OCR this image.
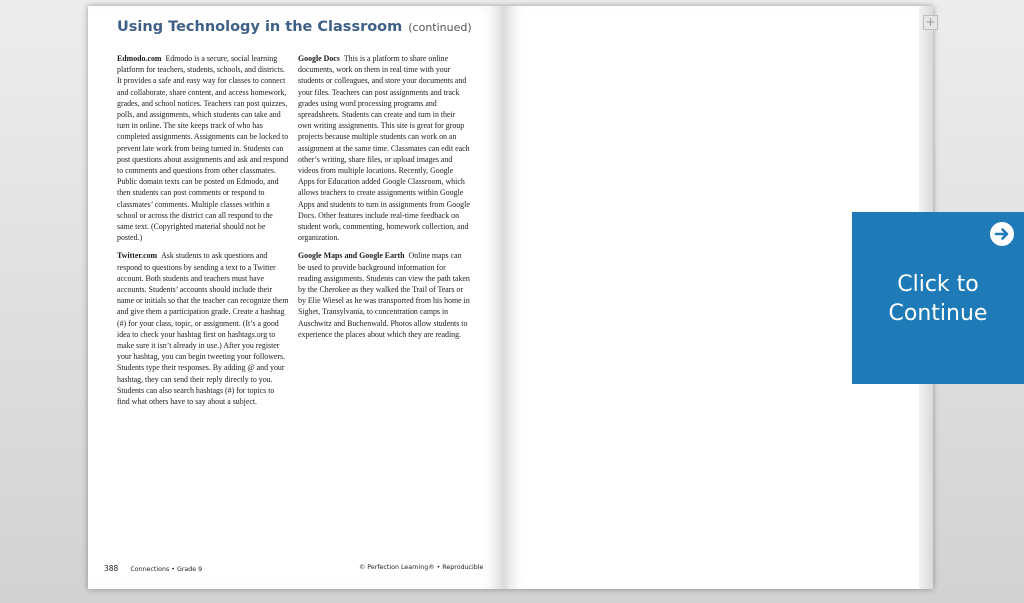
Using Technology in the Classroom (continued)

Edmodo.com Edmodo is a secure, social learning platform for teachers, students, schools, and districts. It provides a safe and easy way for classes to connect and collaborate, share content, and access homework, grades, and school notices. Teachers can post quizzes, polls, and assignments, which students can take and turn in online. The site keeps track of who has completed assignments. Assignments can be locked to prevent late work from being turned in. Students can post questions about assignments and ask and respond to comments and questions from other classmates. Public domain texts can be posted on Edmodo, and then students can post comments or respond to classmates’ comments. Multiple classes within a school or across the district can all respond to the same text. (Copyrighted material should not be posted.)

Twitter.com Ask students to ask questions and respond to questions by sending a text to a Twitter account. Both students and teachers must have accounts. Students’ accounts should include their name or initials so that the teacher can recognize them and give them a participation grade. Create a hashtag (#) for your class, topic, or assignment. (It’s a good idea to check your hashtag first on hashtags.org to make sure it isn’t already in use.) After you register your hashtag, you can begin tweeting your followers. Students type their responses. By adding @ and your hashtag, they can send their reply directly to you. Students can also search hashtags (#) for topics to find what others have to say about a subject.

Google Docs This is a platform to share online documents, work on them in real time with your students or colleagues, and store your documents and your files. Teachers can post assignments and track grades using word processing programs and spreadsheets. Students can create and turn in their own writing assignments. This site is great for group projects because multiple students can work on an assignment at the same time. Classmates can edit each other’s writing, share files, or upload images and videos from multiple locations. Recently, Google Apps for Education added Google Classroom, which allows teachers to create assignments within Google Apps and students to turn in assignments from Google Docs. Other features include real-time feedback on student work, commenting, homework collection, and organization.

Google Maps and Google Earth Online maps can be used to provide background information for reading assignments. Students can view the path taken by the Cherokee as they walked the Trail of Tears or by Elie Wiesel as he was transported from his home in Sighet, Transylvania, to concentration camps in Auschwitz and Buchenwald. Photos allow students to experience the places about which they are reading.

388 Connections • Grade 9	© Perfection Learning® • Reproducible
+
Click to
Continue
